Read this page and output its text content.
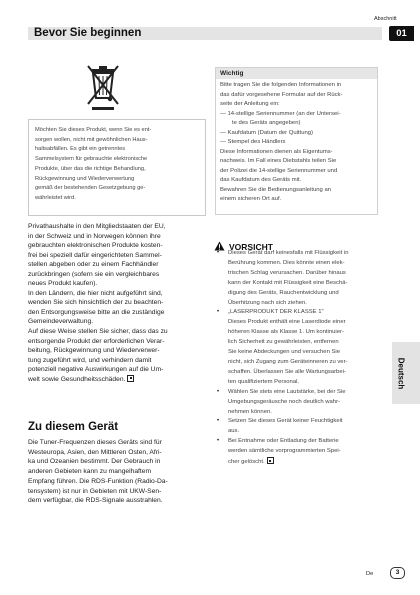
Abschnitt
Bevor Sie beginnen	01

Möchten Sie dieses Produkt, wenn Sie es ent-

sorgen wollen, nicht mit gewöhnlichen Haus-

haltsabfällen. Es gibt ein getrenntes

Sammelsystem für gebrauchte elektronische

Produkte, über das die richtige Behandlung,

Rückgewinnung und Wiederverwertung

gemäß der bestehenden Gesetzgebung ge-

währleistet wird.

Privathaushalte in den Mitgliedstaaten der EU,

in der Schweiz und in Norwegen können ihre

gebrauchten elektronischen Produkte kosten-

frei bei speziell dafür eingerichteten Sammel-

stellen abgeben oder zu einem Fachhändler

zurückbringen (sofern sie ein vergleichbares

neues Produkt kaufen).

In den Ländern, die hier nicht aufgeführt sind,

wenden Sie sich hinsichtlich der zu beachten-

den Entsorgungsweise bitte an die zuständige

Gemeindeverwaltung.

Auf diese Weise stellen Sie sicher, dass das zu

entsorgende Produkt der erforderlichen Verar-

beitung, Rückgewinnung und Wiederverwer-

tung zugeführt wird, und verhindern damit

potenziell negative Auswirkungen auf die Um-

welt sowie Gesundheitsschäden.

Zu diesem Gerät

Die Tuner-Frequenzen dieses Geräts sind für

Westeuropa, Asien, den Mittleren Osten, Afri-

ka und Ozeanien bestimmt. Der Gebrauch in

anderen Gebieten kann zu mangelhaftem

Empfang führen. Die RDS-Funktion (Radio-Da-

tensystem) ist nur in Gebieten mit UKW-Sen-

dern verfügbar, die RDS-Signale ausstrahlen.

Wichtig

Bitte tragen Sie die folgenden Informationen in

das dafür vorgesehene Formular auf der Rück-

seite der Anleitung ein:

— 14-stellige Seriennummer (an der Untersei-

te des Geräts angegeben)

— Kaufdatum (Datum der Quittung)

— Stempel des Händlers

Diese Informationen dienen als Eigentums-

nachweis. Im Fall eines Diebstahls teilen Sie

der Polizei die 14-stellige Seriennummer und

das Kaufdatum des Geräts mit.

Bewahren Sie die Bedienungsanleitung an

einem sicheren Ort auf.

VORSICHT

• Dieses Gerät darf keinesfalls mit Flüssigkeit in

Berührung kommen. Dies könnte einen elek-

trischen Schlag verursachen. Darüber hinaus

kann der Kontakt mit Flüssigkeit eine Beschä-

digung des Geräts, Rauchentwicklung und

Überhitzung nach sich ziehen.

• „LASERPRODUKT DER KLASSE 1"

Dieses Produkt enthält eine Laserdiode einer

höheren Klasse als Klasse 1. Um kontinuier-

lich Sicherheit zu gewährleisten, entfernen

Sie keine Abdeckungen und versuchen Sie

nicht, sich Zugang zum Geräteinneren zu ver-

schaffen. Überlassen Sie alle Wartungsarbei-

ten qualifiziertem Personal.

• Wählen Sie stets eine Lautstärke, bei der Sie

Umgebungsgeräusche noch deutlich wahr-

nehmen können.

• Setzen Sie dieses Gerät keiner Feuchtigkeit

aus.

• Bei Entnahme oder Entladung der Batterie

werden sämtliche vorprogrammierten Spei-

cher gelöscht.

Deutsch
De	3
